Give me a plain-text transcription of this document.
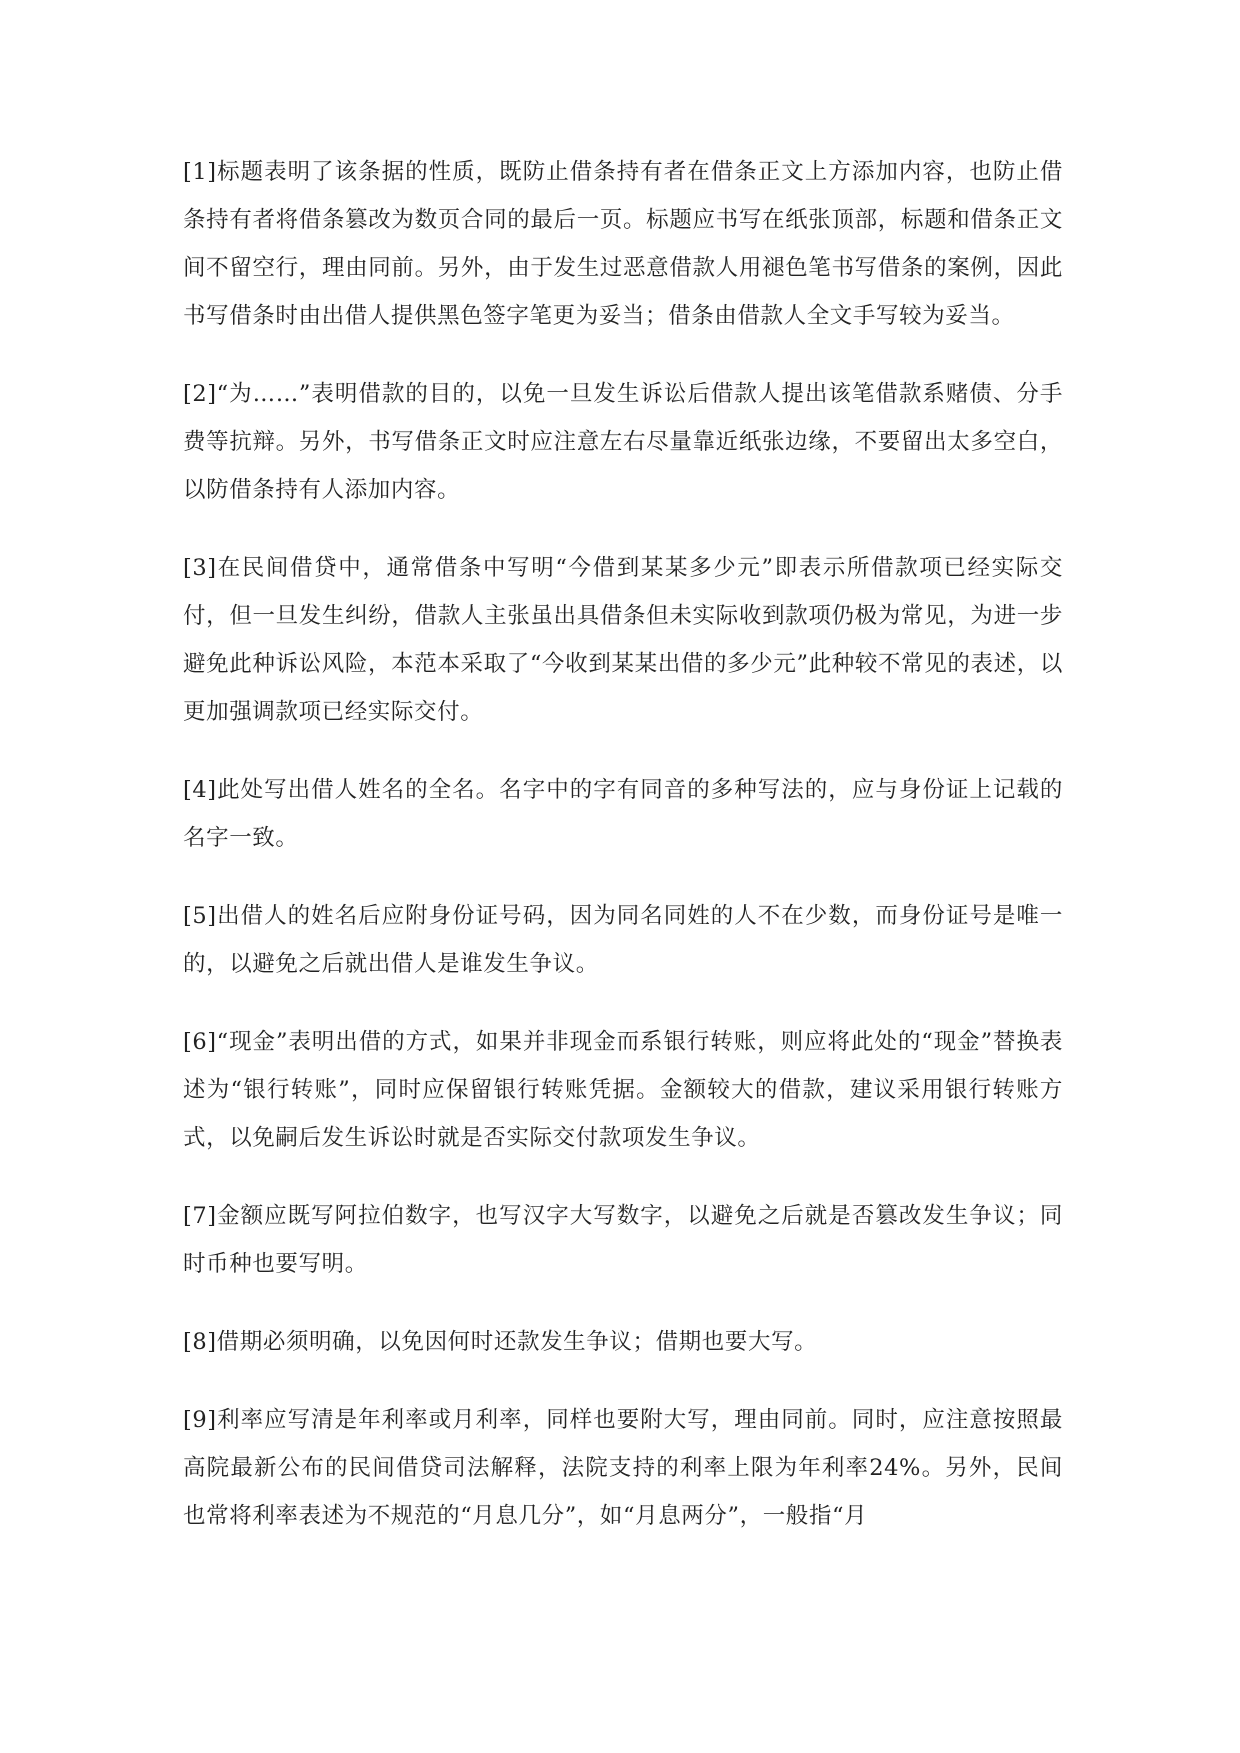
[1]标题表明了该条据的性质，既防止借条持有者在借条正文上方添加内容，也防止借条持有者将借条篡改为数页合同的最后一页。标题应书写在纸张顶部，标题和借条正文间不留空行，理由同前。另外，由于发生过恶意借款人用褪色笔书写借条的案例，因此书写借条时由出借人提供黑色签字笔更为妥当；借条由借款人全文手写较为妥当。

[2]“为……”表明借款的目的，以免一旦发生诉讼后借款人提出该笔借款系赌债、分手费等抗辩。另外，书写借条正文时应注意左右尽量靠近纸张边缘，不要留出太多空白，以防借条持有人添加内容。

[3]在民间借贷中，通常借条中写明“今借到某某多少元”即表示所借款项已经实际交付，但一旦发生纠纷，借款人主张虽出具借条但未实际收到款项仍极为常见，为进一步避免此种诉讼风险，本范本采取了“今收到某某出借的多少元”此种较不常见的表述，以更加强调款项已经实际交付。

[4]此处写出借人姓名的全名。名字中的字有同音的多种写法的，应与身份证上记载的名字一致。

[5]出借人的姓名后应附身份证号码，因为同名同姓的人不在少数，而身份证号是唯一的，以避免之后就出借人是谁发生争议。

[6]“现金”表明出借的方式，如果并非现金而系银行转账，则应将此处的“现金”替换表述为“银行转账”，同时应保留银行转账凭据。金额较大的借款，建议采用银行转账方式，以免嗣后发生诉讼时就是否实际交付款项发生争议。

[7]金额应既写阿拉伯数字，也写汉字大写数字，以避免之后就是否篡改发生争议；同时币种也要写明。

[8]借期必须明确，以免因何时还款发生争议；借期也要大写。

[9]利率应写清是年利率或月利率，同样也要附大写，理由同前。同时，应注意按照最高院最新公布的民间借贷司法解释，法院支持的利率上限为年利率24%。另外，民间也常将利率表述为不规范的“月息几分”，如“月息两分”，一般指“月
